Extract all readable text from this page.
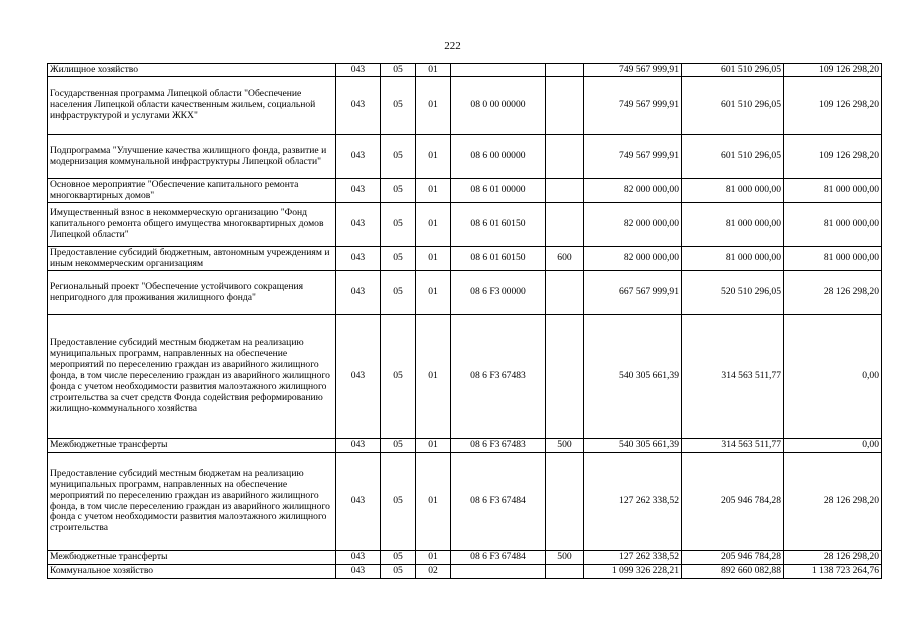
222
Жилищное хозяйство	043	05	01			749 567 999,91	601 510 296,05	109 126 298,20
Государственная программа Липецкой области "Обеспечение населения Липецкой области качественным жильем, социальной инфраструктурой и услугами ЖКХ"	043	05	01	08 0 00 00000		749 567 999,91	601 510 296,05	109 126 298,20
Подпрограмма "Улучшение качества жилищного фонда, развитие и модернизация коммунальной инфраструктуры Липецкой области"	043	05	01	08 6 00 00000		749 567 999,91	601 510 296,05	109 126 298,20
Основное мероприятие "Обеспечение капитального ремонта многоквартирных домов"	043	05	01	08 6 01 00000		82 000 000,00	81 000 000,00	81 000 000,00
Имущественный взнос в некоммерческую организацию "Фонд капитального ремонта общего имущества многоквартирных домов Липецкой области"	043	05	01	08 6 01 60150		82 000 000,00	81 000 000,00	81 000 000,00
Предоставление субсидий бюджетным, автономным учреждениям и иным некоммерческим организациям	043	05	01	08 6 01 60150	600	82 000 000,00	81 000 000,00	81 000 000,00
Региональный проект "Обеспечение устойчивого сокращения непригодного для проживания жилищного фонда"	043	05	01	08 6 F3 00000		667 567 999,91	520 510 296,05	28 126 298,20
Предоставление субсидий местным бюджетам на реализацию муниципальных программ, направленных на обеспечение мероприятий по переселению граждан из аварийного жилищного фонда, в том числе переселению граждан из аварийного жилищного фонда с учетом необходимости развития малоэтажного жилищного строительства за счет средств Фонда содействия реформированию жилищно-коммунального хозяйства	043	05	01	08 6 F3 67483		540 305 661,39	314 563 511,77	0,00
Межбюджетные трансферты	043	05	01	08 6 F3 67483	500	540 305 661,39	314 563 511,77	0,00
Предоставление субсидий местным бюджетам на реализацию муниципальных программ, направленных на обеспечение мероприятий по переселению граждан из аварийного жилищного фонда, в том числе переселению граждан из аварийного жилищного фонда с учетом необходимости развития малоэтажного жилищного строительства	043	05	01	08 6 F3 67484		127 262 338,52	205 946 784,28	28 126 298,20
Межбюджетные трансферты	043	05	01	08 6 F3 67484	500	127 262 338,52	205 946 784,28	28 126 298,20
Коммунальное хозяйство	043	05	02			1 099 326 228,21	892 660 082,88	1 138 723 264,76
